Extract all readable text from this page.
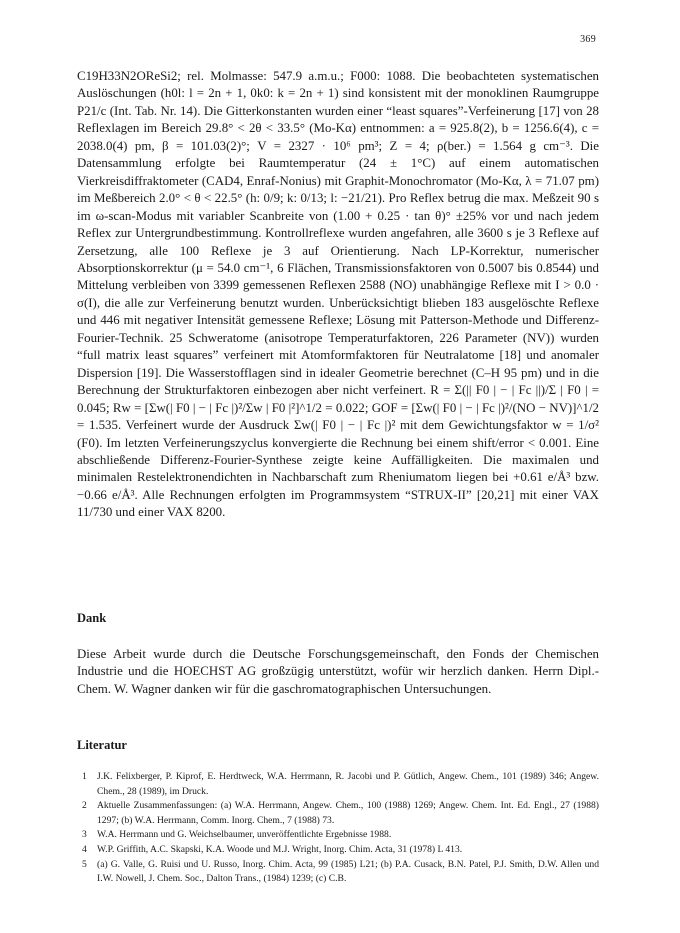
369

C19H33N2OReSi2; rel. Molmasse: 547.9 a.m.u.; F000: 1088. Die beobachteten systematischen Auslöschungen (h0l: l = 2n + 1, 0k0: k = 2n + 1) sind konsistent mit der monoklinen Raumgruppe P21/c (Int. Tab. Nr. 14). Die Gitterkonstanten wurden einer “least squares”-Verfeinerung [17] von 28 Reflexlagen im Bereich 29.8° < 2θ < 33.5° (Mo-Kα) entnommen: a = 925.8(2), b = 1256.6(4), c = 2038.0(4) pm, β = 101.03(2)°; V = 2327 · 10⁶ pm³; Z = 4; ρ(ber.) = 1.564 g cm⁻³. Die Datensammlung erfolgte bei Raumtemperatur (24 ± 1°C) auf einem automatischen Vierkreisdiffraktometer (CAD4, Enraf-Nonius) mit Graphit-Monochromator (Mo-Kα, λ = 71.07 pm) im Meßbereich 2.0° < θ < 22.5° (h: 0/9; k: 0/13; l: −21/21). Pro Reflex betrug die max. Meßzeit 90 s im ω-scan-Modus mit variabler Scanbreite von (1.00 + 0.25 · tan θ)° ±25% vor und nach jedem Reflex zur Untergrundbestimmung. Kontrollreflexe wurden angefahren, alle 3600 s je 3 Reflexe auf Zersetzung, alle 100 Reflexe je 3 auf Orientierung. Nach LP-Korrektur, numerischer Absorptionskorrektur (μ = 54.0 cm⁻¹, 6 Flächen, Transmissionsfaktoren von 0.5007 bis 0.8544) und Mittelung verbleiben von 3399 gemessenen Reflexen 2588 (NO) unabhängige Reflexe mit I > 0.0 · σ(I), die alle zur Verfeinerung benutzt wurden. Unberücksichtigt blieben 183 ausgelöschte Reflexe und 446 mit negativer Intensität gemessene Reflexe; Lösung mit Patterson-Methode und Differenz-Fourier-Technik. 25 Schweratome (anisotrope Temperaturfaktoren, 226 Parameter (NV)) wurden “full matrix least squares” verfeinert mit Atomformfaktoren für Neutralatome [18] und anomaler Dispersion [19]. Die Wasserstofflagen sind in idealer Geometrie berechnet (C–H 95 pm) und in die Berechnung der Strukturfaktoren einbezogen aber nicht verfeinert. R = Σ(|| F0 | − | Fc ||)/Σ | F0 | = 0.045; Rw = [Σw(| F0 | − | Fc |)²/Σw | F0 |²]^1/2 = 0.022; GOF = [Σw(| F0 | − | Fc |)²/(NO − NV)]^1/2 = 1.535. Verfeinert wurde der Ausdruck Σw(| F0 | − | Fc |)² mit dem Gewichtungsfaktor w = 1/σ² (F0). Im letzten Verfeinerungszyclus konvergierte die Rechnung bei einem shift/error < 0.001. Eine abschließende Differenz-Fourier-Synthese zeigte keine Auffälligkeiten. Die maximalen und minimalen Restelektronendichten in Nachbarschaft zum Rheniumatom liegen bei +0.61 e/Å³ bzw. −0.66 e/Å³. Alle Rechnungen erfolgten im Programmsystem “STRUX-II” [20,21] mit einer VAX 11/730 und einer VAX 8200.

Dank
Diese Arbeit wurde durch die Deutsche Forschungsgemeinschaft, den Fonds der Chemischen Industrie und die HOECHST AG großzügig unterstützt, wofür wir herzlich danken. Herrn Dipl.-Chem. W. Wagner danken wir für die gaschromatographischen Untersuchungen.
Literatur
1 J.K. Felixberger, P. Kiprof, E. Herdtweck, W.A. Herrmann, R. Jacobi und P. Gütlich, Angew. Chem., 101 (1989) 346; Angew. Chem., 28 (1989), im Druck.
2 Aktuelle Zusammenfassungen: (a) W.A. Herrmann, Angew. Chem., 100 (1988) 1269; Angew. Chem. Int. Ed. Engl., 27 (1988) 1297; (b) W.A. Herrmann, Comm. Inorg. Chem., 7 (1988) 73.
3 W.A. Herrmann und G. Weichselbaumer, unveröffentlichte Ergebnisse 1988.
4 W.P. Griffith, A.C. Skapski, K.A. Woode und M.J. Wright, Inorg. Chim. Acta, 31 (1978) L 413.
5 (a) G. Valle, G. Ruisi und U. Russo, Inorg. Chim. Acta, 99 (1985) L21; (b) P.A. Cusack, B.N. Patel, P.J. Smith, D.W. Allen und I.W. Nowell, J. Chem. Soc., Dalton Trans., (1984) 1239; (c) C.B.
